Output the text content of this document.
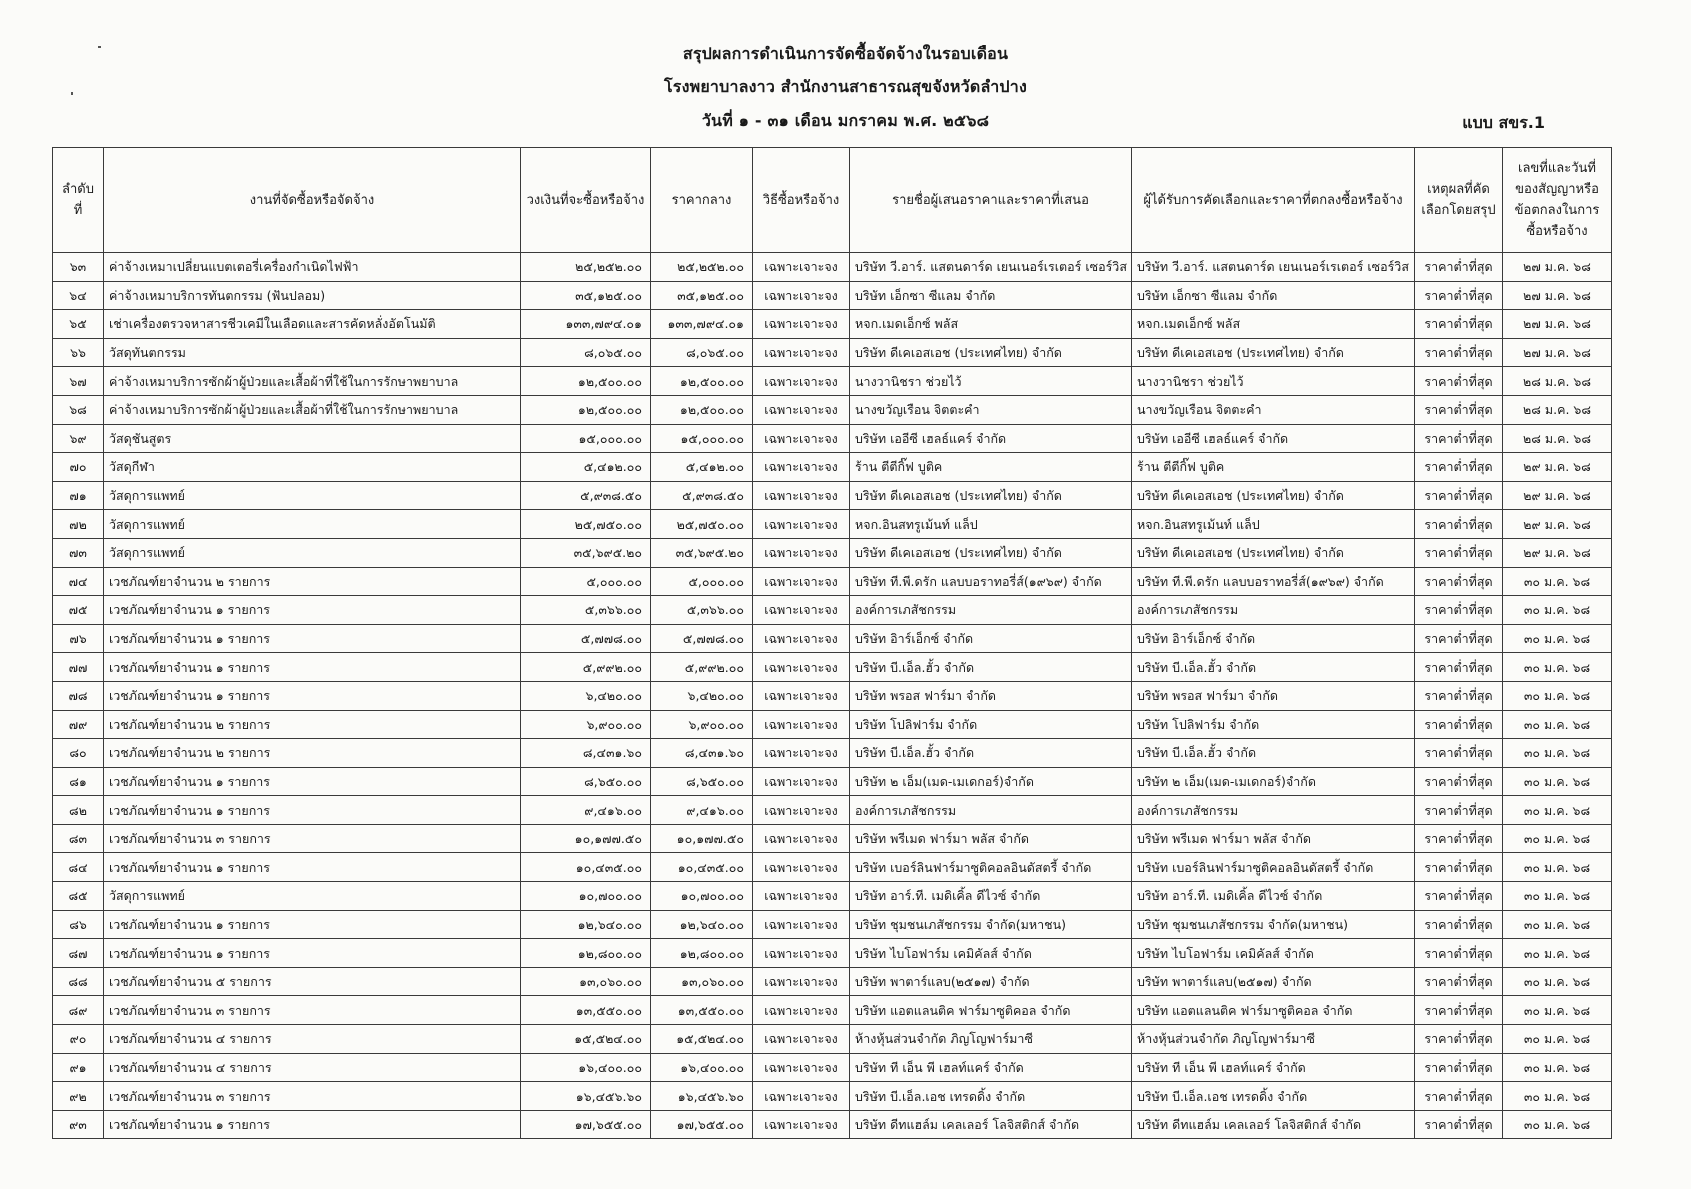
สรุปผลการดำเนินการจัดซื้อจัดจ้างในรอบเดือน
โรงพยาบาลงาว สำนักงานสาธารณสุขจังหวัดลำปาง
วันที่ ๑ - ๓๑ เดือน มกราคม พ.ศ. ๒๕๖๘	แบบ สขร.1
ลำดับที่	งานที่จัดซื้อหรือจัดจ้าง	วงเงินที่จะซื้อหรือจ้าง	ราคากลาง	วิธีซื้อหรือจ้าง	รายชื่อผู้เสนอราคาและราคาที่เสนอ	ผู้ได้รับการคัดเลือกและราคาที่ตกลงซื้อหรือจ้าง	เหตุผลที่คัดเลือกโดยสรุป	เลขที่และวันที่ของสัญญาหรือข้อตกลงในการซื้อหรือจ้าง
๖๓	ค่าจ้างเหมาเปลี่ยนแบตเตอรี่เครื่องกำเนิดไฟฟ้า	๒๕,๒๕๒.๐๐	๒๕,๒๕๒.๐๐	เฉพาะเจาะจง	บริษัท วี.อาร์. แสตนดาร์ด เยนเนอร์เรเตอร์ เซอร์วิส	บริษัท วี.อาร์. แสตนดาร์ด เยนเนอร์เรเตอร์ เซอร์วิส	ราคาต่ำที่สุด	๒๗ ม.ค. ๖๘
๖๔	ค่าจ้างเหมาบริการทันตกรรม (ฟันปลอม)	๓๕,๑๒๕.๐๐	๓๕,๑๒๕.๐๐	เฉพาะเจาะจง	บริษัท เอ็กซา ซีแลม จำกัด	บริษัท เอ็กซา ซีแลม จำกัด	ราคาต่ำที่สุด	๒๗ ม.ค. ๖๘
๖๕	เช่าเครื่องตรวจหาสารชีวเคมีในเลือดและสารคัดหลั่งอัตโนมัติ	๑๓๓,๗๙๔.๐๑	๑๓๓,๗๙๔.๐๑	เฉพาะเจาะจง	หจก.เมดเอ็กซ์ พลัส	หจก.เมดเอ็กซ์ พลัส	ราคาต่ำที่สุด	๒๗ ม.ค. ๖๘
๖๖	วัสดุทันตกรรม	๘,๐๖๕.๐๐	๘,๐๖๕.๐๐	เฉพาะเจาะจง	บริษัท ดีเคเอสเอช (ประเทศไทย) จำกัด	บริษัท ดีเคเอสเอช (ประเทศไทย) จำกัด	ราคาต่ำที่สุด	๒๗ ม.ค. ๖๘
๖๗	ค่าจ้างเหมาบริการซักผ้าผู้ป่วยและเสื้อผ้าที่ใช้ในการรักษาพยาบาล	๑๒,๕๐๐.๐๐	๑๒,๕๐๐.๐๐	เฉพาะเจาะจง	นางวานิชรา ช่วยไว้	นางวานิชรา ช่วยไว้	ราคาต่ำที่สุด	๒๘ ม.ค. ๖๘
๖๘	ค่าจ้างเหมาบริการซักผ้าผู้ป่วยและเสื้อผ้าที่ใช้ในการรักษาพยาบาล	๑๒,๕๐๐.๐๐	๑๒,๕๐๐.๐๐	เฉพาะเจาะจง	นางขวัญเรือน จิตตะคำ	นางขวัญเรือน จิตตะคำ	ราคาต่ำที่สุด	๒๘ ม.ค. ๖๘
๖๙	วัสดุชันสูตร	๑๕,๐๐๐.๐๐	๑๕,๐๐๐.๐๐	เฉพาะเจาะจง	บริษัท เออีซี เฮลธ์แคร์ จำกัด	บริษัท เออีซี เฮลธ์แคร์ จำกัด	ราคาต่ำที่สุด	๒๘ ม.ค. ๖๘
๗๐	วัสดุกีฬา	๕,๔๑๒.๐๐	๕,๔๑๒.๐๐	เฉพาะเจาะจง	ร้าน ตีตีกิ๊ฟ บูติค	ร้าน ตีตีกิ๊ฟ บูติค	ราคาต่ำที่สุด	๒๙ ม.ค. ๖๘
๗๑	วัสดุการแพทย์	๕,๙๓๘.๕๐	๕,๙๓๘.๕๐	เฉพาะเจาะจง	บริษัท ดีเคเอสเอช (ประเทศไทย) จำกัด	บริษัท ดีเคเอสเอช (ประเทศไทย) จำกัด	ราคาต่ำที่สุด	๒๙ ม.ค. ๖๘
๗๒	วัสดุการแพทย์	๒๕,๗๕๐.๐๐	๒๕,๗๕๐.๐๐	เฉพาะเจาะจง	หจก.อินสทรูเม้นท์ แล็ป	หจก.อินสทรูเม้นท์ แล็ป	ราคาต่ำที่สุด	๒๙ ม.ค. ๖๘
๗๓	วัสดุการแพทย์	๓๕,๖๙๕.๒๐	๓๕,๖๙๕.๒๐	เฉพาะเจาะจง	บริษัท ดีเคเอสเอช (ประเทศไทย) จำกัด	บริษัท ดีเคเอสเอช (ประเทศไทย) จำกัด	ราคาต่ำที่สุด	๒๙ ม.ค. ๖๘
๗๔	เวชภัณฑ์ยาจำนวน ๒ รายการ	๕,๐๐๐.๐๐	๕,๐๐๐.๐๐	เฉพาะเจาะจง	บริษัท ที.พี.ดรัก แลบบอราทอรี่ส์(๑๙๖๙) จำกัด	บริษัท ที.พี.ดรัก แลบบอราทอรี่ส์(๑๙๖๙) จำกัด	ราคาต่ำที่สุด	๓๐ ม.ค. ๖๘
๗๕	เวชภัณฑ์ยาจำนวน ๑ รายการ	๕,๓๖๖.๐๐	๕,๓๖๖.๐๐	เฉพาะเจาะจง	องค์การเภสัชกรรม	องค์การเภสัชกรรม	ราคาต่ำที่สุด	๓๐ ม.ค. ๖๘
๗๖	เวชภัณฑ์ยาจำนวน ๑ รายการ	๕,๗๗๘.๐๐	๕,๗๗๘.๐๐	เฉพาะเจาะจง	บริษัท อิาร์เอ็กซ์ จำกัด	บริษัท อิาร์เอ็กซ์ จำกัด	ราคาต่ำที่สุด	๓๐ ม.ค. ๖๘
๗๗	เวชภัณฑ์ยาจำนวน ๑ รายการ	๕,๙๙๒.๐๐	๕,๙๙๒.๐๐	เฉพาะเจาะจง	บริษัท บี.เอ็ล.ฮั้ว จำกัด	บริษัท บี.เอ็ล.ฮั้ว จำกัด	ราคาต่ำที่สุด	๓๐ ม.ค. ๖๘
๗๘	เวชภัณฑ์ยาจำนวน ๑ รายการ	๖,๔๒๐.๐๐	๖,๔๒๐.๐๐	เฉพาะเจาะจง	บริษัท พรอส ฟาร์มา จำกัด	บริษัท พรอส ฟาร์มา จำกัด	ราคาต่ำที่สุด	๓๐ ม.ค. ๖๘
๗๙	เวชภัณฑ์ยาจำนวน ๒ รายการ	๖,๙๐๐.๐๐	๖,๙๐๐.๐๐	เฉพาะเจาะจง	บริษัท โปลิฟาร์ม จำกัด	บริษัท โปลิฟาร์ม จำกัด	ราคาต่ำที่สุด	๓๐ ม.ค. ๖๘
๘๐	เวชภัณฑ์ยาจำนวน ๒ รายการ	๘,๔๓๑.๖๐	๘,๔๓๑.๖๐	เฉพาะเจาะจง	บริษัท บี.เอ็ล.ฮั้ว จำกัด	บริษัท บี.เอ็ล.ฮั้ว จำกัด	ราคาต่ำที่สุด	๓๐ ม.ค. ๖๘
๘๑	เวชภัณฑ์ยาจำนวน ๑ รายการ	๘,๖๕๐.๐๐	๘,๖๕๐.๐๐	เฉพาะเจาะจง	บริษัท ๒ เอ็ม(เมด-เมเดกอร์)จำกัด	บริษัท ๒ เอ็ม(เมด-เมเดกอร์)จำกัด	ราคาต่ำที่สุด	๓๐ ม.ค. ๖๘
๘๒	เวชภัณฑ์ยาจำนวน ๑ รายการ	๙,๔๑๖.๐๐	๙,๔๑๖.๐๐	เฉพาะเจาะจง	องค์การเภสัชกรรม	องค์การเภสัชกรรม	ราคาต่ำที่สุด	๓๐ ม.ค. ๖๘
๘๓	เวชภัณฑ์ยาจำนวน ๓ รายการ	๑๐,๑๗๗.๕๐	๑๐,๑๗๗.๕๐	เฉพาะเจาะจง	บริษัท พรีเมด ฟาร์มา พลัส จำกัด	บริษัท พรีเมด ฟาร์มา พลัส จำกัด	ราคาต่ำที่สุด	๓๐ ม.ค. ๖๘
๘๔	เวชภัณฑ์ยาจำนวน ๑ รายการ	๑๐,๔๓๕.๐๐	๑๐,๔๓๕.๐๐	เฉพาะเจาะจง	บริษัท เบอร์ลินฟาร์มาซูติคอลอินดัสตรี้ จำกัด	บริษัท เบอร์ลินฟาร์มาซูติคอลอินดัสตรี้ จำกัด	ราคาต่ำที่สุด	๓๐ ม.ค. ๖๘
๘๕	วัสดุการแพทย์	๑๐,๗๐๐.๐๐	๑๐,๗๐๐.๐๐	เฉพาะเจาะจง	บริษัท อาร์.ที. เมดิเคิ้ล ดีไวซ์ จำกัด	บริษัท อาร์.ที. เมดิเคิ้ล ดีไวซ์ จำกัด	ราคาต่ำที่สุด	๓๐ ม.ค. ๖๘
๘๖	เวชภัณฑ์ยาจำนวน ๑ รายการ	๑๒,๖๔๐.๐๐	๑๒,๖๔๐.๐๐	เฉพาะเจาะจง	บริษัท ชุมชนเภสัชกรรม จำกัด(มหาชน)	บริษัท ชุมชนเภสัชกรรม จำกัด(มหาชน)	ราคาต่ำที่สุด	๓๐ ม.ค. ๖๘
๘๗	เวชภัณฑ์ยาจำนวน ๑ รายการ	๑๒,๘๐๐.๐๐	๑๒,๘๐๐.๐๐	เฉพาะเจาะจง	บริษัท ไบโอฟาร์ม เคมิคัลส์ จำกัด	บริษัท ไบโอฟาร์ม เคมิคัลส์ จำกัด	ราคาต่ำที่สุด	๓๐ ม.ค. ๖๘
๘๘	เวชภัณฑ์ยาจำนวน ๕ รายการ	๑๓,๐๖๐.๐๐	๑๓,๐๖๐.๐๐	เฉพาะเจาะจง	บริษัท พาตาร์แลบ(๒๕๑๗) จำกัด	บริษัท พาตาร์แลบ(๒๕๑๗) จำกัด	ราคาต่ำที่สุด	๓๐ ม.ค. ๖๘
๘๙	เวชภัณฑ์ยาจำนวน ๓ รายการ	๑๓,๕๕๐.๐๐	๑๓,๕๕๐.๐๐	เฉพาะเจาะจง	บริษัท แอตแลนติค ฟาร์มาซูติคอล จำกัด	บริษัท แอตแลนติค ฟาร์มาซูติคอล จำกัด	ราคาต่ำที่สุด	๓๐ ม.ค. ๖๘
๙๐	เวชภัณฑ์ยาจำนวน ๔ รายการ	๑๕,๕๒๔.๐๐	๑๕,๕๒๔.๐๐	เฉพาะเจาะจง	ห้างหุ้นส่วนจำกัด ภิญโญฟาร์มาซี	ห้างหุ้นส่วนจำกัด ภิญโญฟาร์มาซี	ราคาต่ำที่สุด	๓๐ ม.ค. ๖๘
๙๑	เวชภัณฑ์ยาจำนวน ๔ รายการ	๑๖,๔๐๐.๐๐	๑๖,๔๐๐.๐๐	เฉพาะเจาะจง	บริษัท ที เอ็น พี เฮลท์แคร์ จำกัด	บริษัท ที เอ็น พี เฮลท์แคร์ จำกัด	ราคาต่ำที่สุด	๓๐ ม.ค. ๖๘
๙๒	เวชภัณฑ์ยาจำนวน ๓ รายการ	๑๖,๔๕๖.๖๐	๑๖,๔๕๖.๖๐	เฉพาะเจาะจง	บริษัท บี.เอ็ล.เอช เทรดดิ้ง จำกัด	บริษัท บี.เอ็ล.เอช เทรดดิ้ง จำกัด	ราคาต่ำที่สุด	๓๐ ม.ค. ๖๘
๙๓	เวชภัณฑ์ยาจำนวน ๑ รายการ	๑๗,๖๕๕.๐๐	๑๗,๖๕๕.๐๐	เฉพาะเจาะจง	บริษัท ดีทแฮล์ม เคลเลอร์ โลจิสติกส์ จำกัด	บริษัท ดีทแฮล์ม เคลเลอร์ โลจิสติกส์ จำกัด	ราคาต่ำที่สุด	๓๐ ม.ค. ๖๘
